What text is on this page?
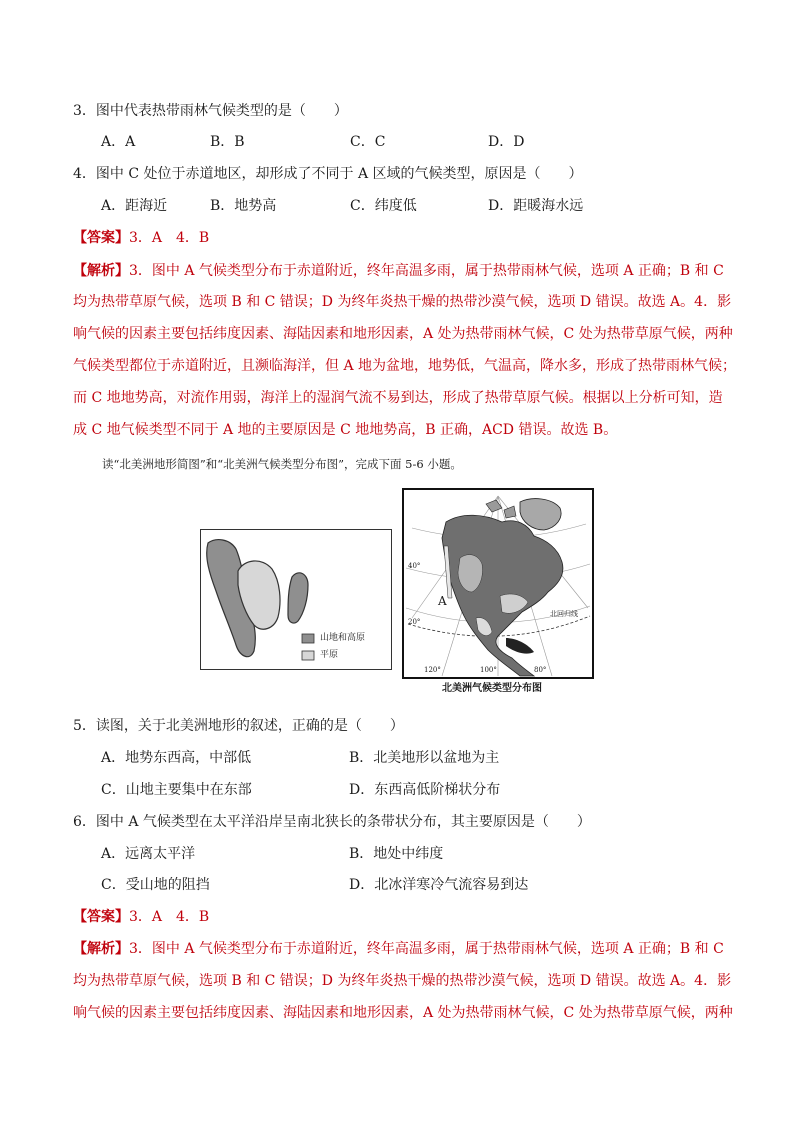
3．图中代表热带雨林气候类型的是（　　）
A．A	B．B	C．C	D．D
4．图中 C 处位于赤道地区，却形成了不同于 A 区域的气候类型，原因是（　　）
A．距海近	B．地势高	C．纬度低	D．距暖海水远
【答案】3．A　4．B
【解析】3．图中 A 气候类型分布于赤道附近，终年高温多雨，属于热带雨林气候，选项 A 正确；B 和 C
均为热带草原气候，选项 B 和 C 错误；D 为终年炎热干燥的热带沙漠气候，选项 D 错误。故选 A。4．影
响气候的因素主要包括纬度因素、海陆因素和地形因素，A 处为热带雨林气候，C 处为热带草原气候，两种
气候类型都位于赤道附近，且濒临海洋，但 A 地为盆地，地势低，气温高，降水多，形成了热带雨林气候；
而 C 地地势高，对流作用弱，海洋上的湿润气流不易到达，形成了热带草原气候。根据以上分析可知，造
成 C 地气候类型不同于 A 地的主要原因是 C 地地势高，B 正确，ACD 错误。故选 B。
读“北美洲地形简图”和“北美洲气候类型分布图”，完成下面 5-6 小题。
山地和高原
平原
40°
20°
120°	100°	80°
A
北回归线
北美洲气候类型分布图
5．读图，关于北美洲地形的叙述，正确的是（　　）
A．地势东西高，中部低	B．北美地形以盆地为主
C．山地主要集中在东部	D．东西高低阶梯状分布
6．图中 A 气候类型在太平洋沿岸呈南北狭长的条带状分布，其主要原因是（　　）
A．远离太平洋	B．地处中纬度
C．受山地的阻挡	D．北冰洋寒冷气流容易到达
【答案】3．A　4．B
【解析】3．图中 A 气候类型分布于赤道附近，终年高温多雨，属于热带雨林气候，选项 A 正确；B 和 C
均为热带草原气候，选项 B 和 C 错误；D 为终年炎热干燥的热带沙漠气候，选项 D 错误。故选 A。4．影
响气候的因素主要包括纬度因素、海陆因素和地形因素，A 处为热带雨林气候，C 处为热带草原气候，两种
